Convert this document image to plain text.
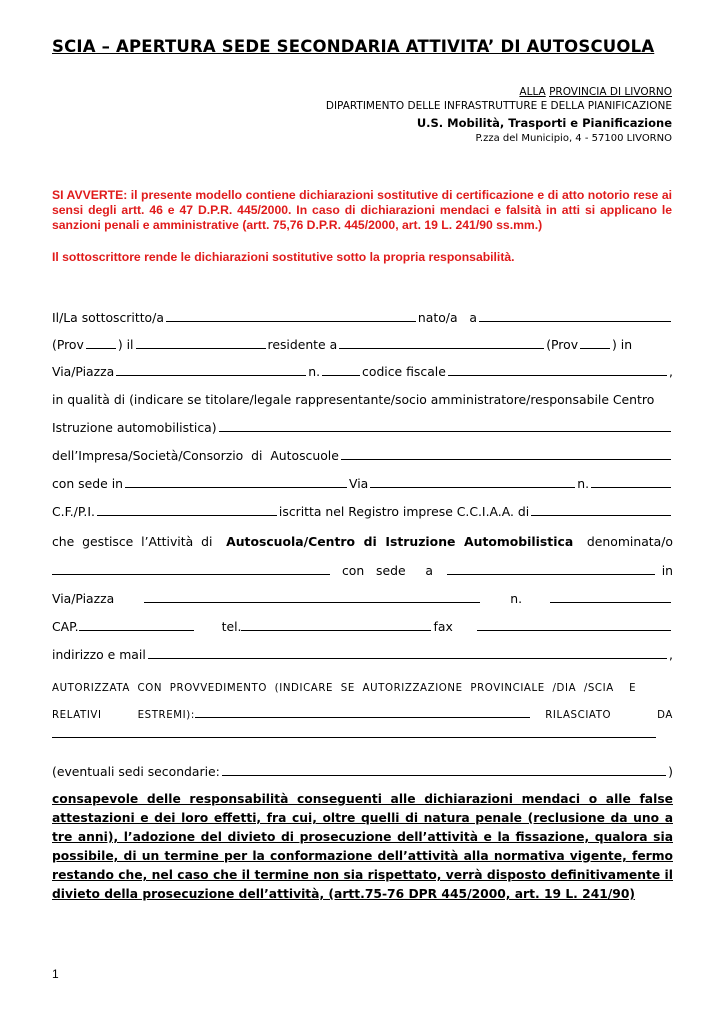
SCIA – APERTURA SEDE SECONDARIA ATTIVITA’ DI AUTOSCUOLA
ALLA PROVINCIA DI LIVORNO
DIPARTIMENTO DELLE INFRASTRUTTURE E DELLA PIANIFICAZIONE
U.S. Mobilità, Trasporti e Pianificazione
P.zza del Municipio, 4 - 57100 LIVORNO
SI AVVERTE: il presente modello contiene dichiarazioni sostitutive di certificazione e di atto notorio rese ai sensi degli artt. 46 e 47 D.P.R. 445/2000. In caso di dichiarazioni mendaci e falsità in atti si applicano le sanzioni penali e amministrative (artt. 75,76 D.P.R. 445/2000, art. 19 L. 241/90 ss.mm.)
Il sottoscrittore rende le dichiarazioni sostitutive sotto la propria responsabilità.
Il/La sottoscritto/a	nato/a   a
(Prov	) il	residente a	(Prov	) in
Via/Piazza	n.	codice fiscale	,
in qualità di (indicare se titolare/legale rappresentante/socio amministratore/responsabile Centro
Istruzione automobilistica)
dell’Impresa/Società/Consorzio  di  Autoscuole
con sede in	Via	n.
C.F./P.I.	iscritta nel Registro imprese C.C.I.A.A. di
che  gestisce  l’Attività  di Autoscuola/Centro  di  Istruzione  Automobilistica denominata/o
con   sede     a	in
Via/Piazza	n.
CAP.	tel.	fax
indirizzo e mail	,
AUTORIZZATA  CON  PROVVEDIMENTO  (INDICARE  SE  AUTORIZZAZIONE  PROVINCIALE  /DIA  /SCIA    E
RELATIVI	ESTREMI):	RILASCIATO	DA
(eventuali sedi secondarie:	)
consapevole delle responsabilità conseguenti alle dichiarazioni mendaci o alle false attestazioni e dei loro effetti, fra cui, oltre quelli di natura penale (reclusione da uno a tre anni), l’adozione del divieto di prosecuzione dell’attività e la fissazione, qualora sia possibile, di un termine per la conformazione dell’attività alla normativa vigente, fermo restando che, nel caso che il termine non sia rispettato, verrà disposto definitivamente il divieto della prosecuzione dell’attività, (artt.75-76 DPR 445/2000, art. 19 L. 241/90)
1
